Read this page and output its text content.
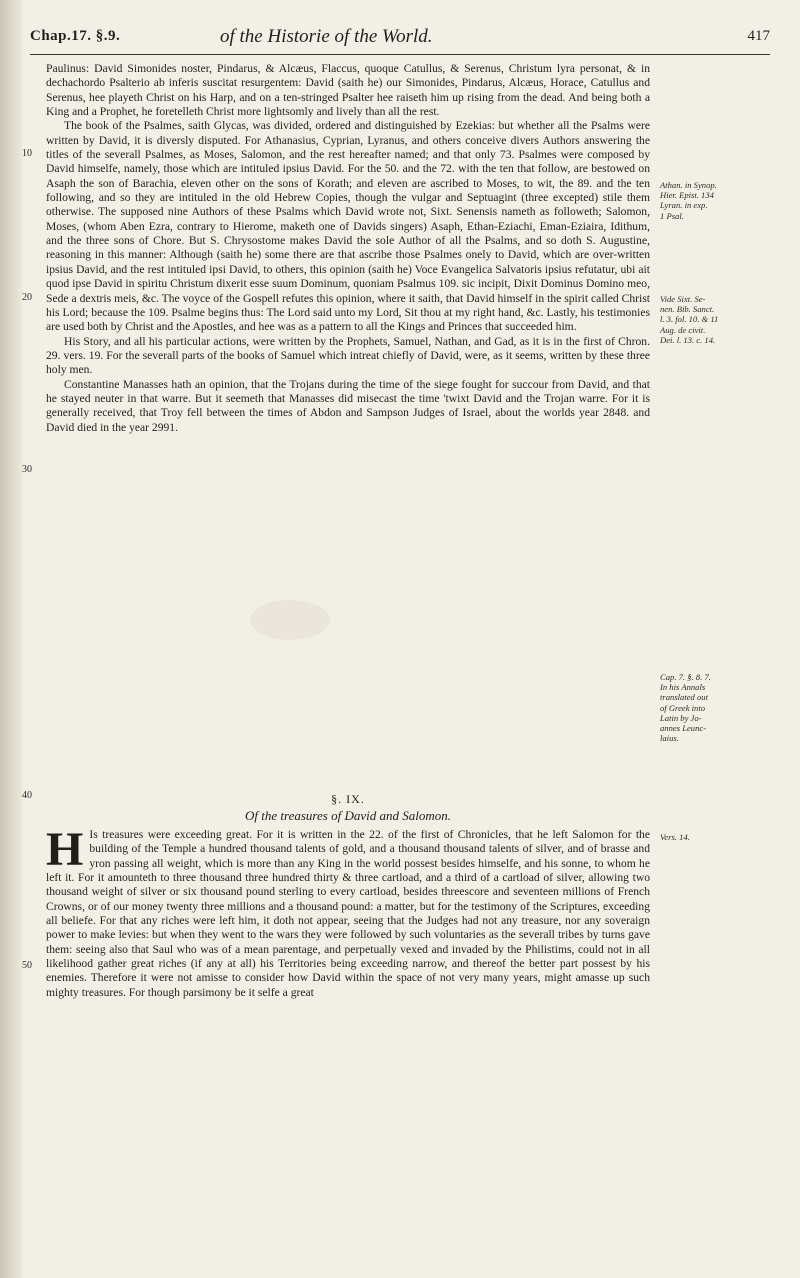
Chap.17. §.9.	of the Historie of the World.	417

Paulinus: David Simonides noster, Pindarus, & Alcæus, Flaccus, quoque Catullus, & Serenus, Christum lyra personat, & in dechachordo Psalterio ab inferis suscitat resurgentem: David (saith he) our Simonides, Pindarus, Alcæus, Horace, Catullus and Serenus, hee playeth Christ on his Harp, and on a ten-stringed Psalter hee raiseth him up rising from the dead. And being both a King and a Prophet, he foretelleth Christ more lightsomly and lively than all the rest.

The book of the Psalmes, saith Glycas, was divided, ordered and distinguished by Ezekias: but whether all the Psalms were written by David, it is diversly disputed. For Athanasius, Cyprian, Lyranus, and others conceive divers Authors answering the titles of the severall Psalmes, as Moses, Salomon, and the rest hereafter named; and that only 73. Psalmes were composed by David himselfe, namely, those which are intituled ipsius David. For the 50. and the 72. with the ten that follow, are bestowed on Asaph the son of Barachia, eleven other on the sons of Korath; and eleven are ascribed to Moses, to wit, the 89. and the ten following, and so they are intituled in the old Hebrew Copies, though the vulgar and Septuagint (three excepted) stile them otherwise. The supposed nine Authors of these Psalms which David wrote not, Sixt. Senensis nameth as followeth; Salomon, Moses, (whom Aben Ezra, contrary to Hierome, maketh one of Davids singers) Asaph, Ethan-Eziachi, Eman-Eziaira, Idithum, and the three sons of Chore. But S. Chrysostome makes David the sole Author of all the Psalms, and so doth S. Augustine, reasoning in this manner: Although (saith he) some there are that ascribe those Psalmes onely to David, which are over-written ipsius David, and the rest intituled ipsi David, to others, this opinion (saith he) Voce Evangelica Salvatoris ipsius refutatur, ubi ait quod ipse David in spiritu Christum dixerit esse suum Dominum, quoniam Psalmus 109. sic incipit, Dixit Dominus Domino meo, Sede a dextris meis, &c. The voyce of the Gospell refutes this opinion, where it saith, that David himself in the spirit called Christ his Lord; because the 109. Psalme begins thus: The Lord said unto my Lord, Sit thou at my right hand, &c. Lastly, his testimonies are used both by Christ and the Apostles, and hee was as a pattern to all the Kings and Princes that succeeded him.

His Story, and all his particular actions, were written by the Prophets, Samuel, Nathan, and Gad, as it is in the first of Chron. 29. vers. 19. For the severall parts of the books of Samuel which intreat chiefly of David, were, as it seems, written by these three holy men.

Constantine Manasses hath an opinion, that the Trojans during the time of the siege fought for succour from David, and that he stayed neuter in that warre. But it seemeth that Manasses did misecast the time 'twixt David and the Trojan warre. For it is generally received, that Troy fell between the times of Abdon and Sampson Judges of Israel, about the worlds year 2848. and David died in the year 2991.

§. IX.
Of the treasures of David and Salomon.
H Is treasures were exceeding great. For it is written in the 22. of the first of Chronicles, that he left Salomon for the building of the Temple a hundred thousand talents of gold, and a thousand thousand talents of silver, and of brasse and yron passing all weight, which is more than any King in the world possest besides himselfe, and his sonne, to whom he left it. For it amounteth to three thousand three hundred thirty & three cartload, and a third of a cartload of silver, allowing two thousand weight of silver or six thousand pound sterling to every cartload, besides threescore and seventeen millions of French Crowns, or of our money twenty three millions and a thousand pound: a matter, but for the testimony of the Scriptures, exceeding all beliefe. For that any riches were left him, it doth not appear, seeing that the Judges had not any treasure, nor any soveraign power to make levies: but when they went to the wars they were followed by such voluntaries as the severall tribes by turns gave them: seeing also that Saul who was of a mean parentage, and perpetually vexed and invaded by the Philistims, could not in all likelihood gather great riches (if any at all) his Territories being exceeding narrow, and thereof the better part possest by his enemies. Therefore it were not amisse to consider how David within the space of not very many years, might amasse up such mighty treasures. For though parsimony be it selfe a great

Athan. in Synop.
Hier. Epist. 134
Lyran. in exp.
1 Psal.
Vide Sixt. Se-
nen. Bib. Sanct.
l. 3. fol. 10. & 11
Aug. de civit.
Dei. l. 13. c. 14.
Cap. 7. §. 8. 7.
In his Annals
translated out
of Greek into
Latin by Jo-
annes Leunc-
laius.
Vers. 14.
10
20
30
40
50
